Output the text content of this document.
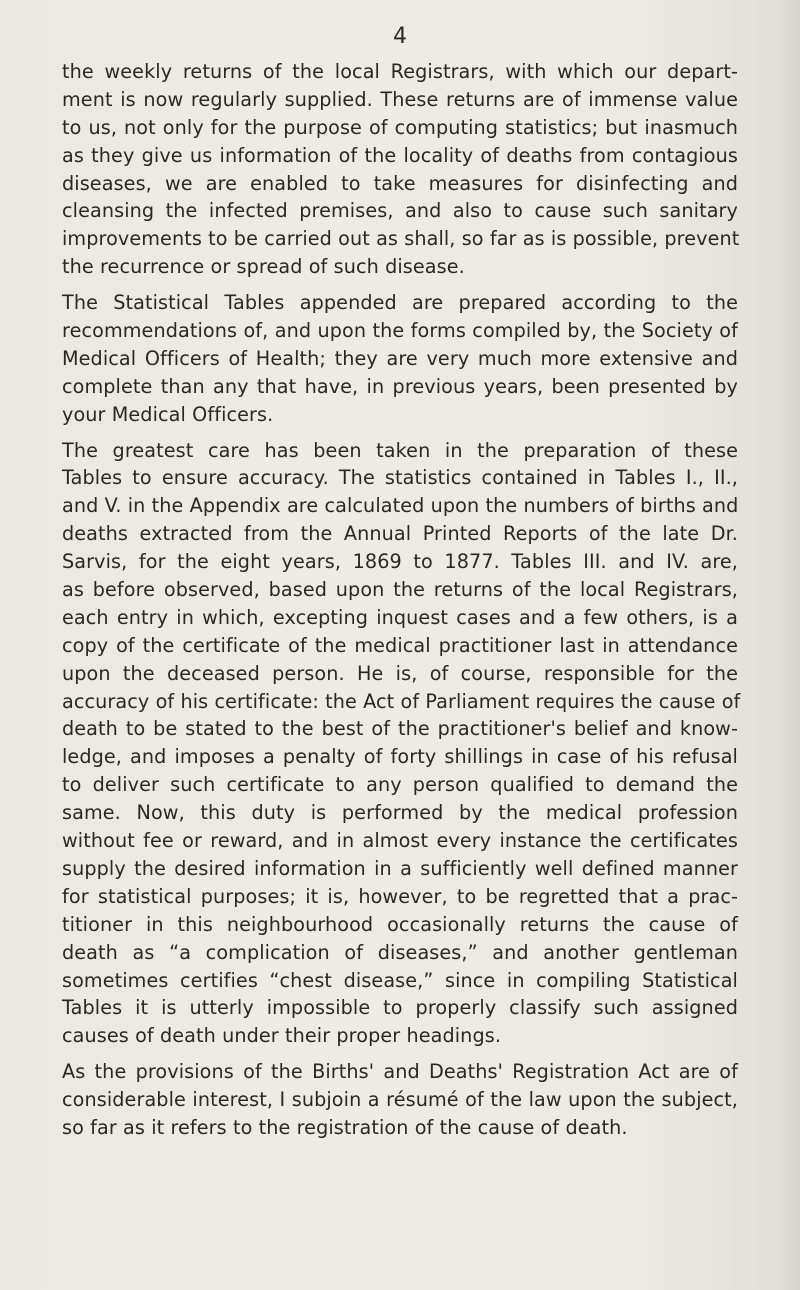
4
the weekly returns of the local Registrars, with which our depart-
ment is now regularly supplied. These returns are of immense value
to us, not only for the purpose of computing statistics; but inasmuch
as they give us information of the locality of deaths from contagious
diseases, we are enabled to take measures for disinfecting and
cleansing the infected premises, and also to cause such sanitary
improvements to be carried out as shall, so far as is possible, prevent
the recurrence or spread of such disease.
The Statistical Tables appended are prepared according to the
recommendations of, and upon the forms compiled by, the Society of
Medical Officers of Health; they are very much more extensive and
complete than any that have, in previous years, been presented by
your Medical Officers.
The greatest care has been taken in the preparation of these
Tables to ensure accuracy. The statistics contained in Tables I., II.,
and V. in the Appendix are calculated upon the numbers of births and
deaths extracted from the Annual Printed Reports of the late Dr.
Sarvis, for the eight years, 1869 to 1877. Tables III. and IV. are,
as before observed, based upon the returns of the local Registrars,
each entry in which, excepting inquest cases and a few others, is a
copy of the certificate of the medical practitioner last in attendance
upon the deceased person. He is, of course, responsible for the
accuracy of his certificate: the Act of Parliament requires the cause of
death to be stated to the best of the practitioner's belief and know-
ledge, and imposes a penalty of forty shillings in case of his refusal
to deliver such certificate to any person qualified to demand the
same. Now, this duty is performed by the medical profession
without fee or reward, and in almost every instance the certificates
supply the desired information in a sufficiently well defined manner
for statistical purposes; it is, however, to be regretted that a prac-
titioner in this neighbourhood occasionally returns the cause of
death as “a complication of diseases,” and another gentleman
sometimes certifies “chest disease,” since in compiling Statistical
Tables it is utterly impossible to properly classify such assigned
causes of death under their proper headings.
As the provisions of the Births' and Deaths' Registration Act are of
considerable interest, I subjoin a résumé of the law upon the subject,
so far as it refers to the registration of the cause of death.
